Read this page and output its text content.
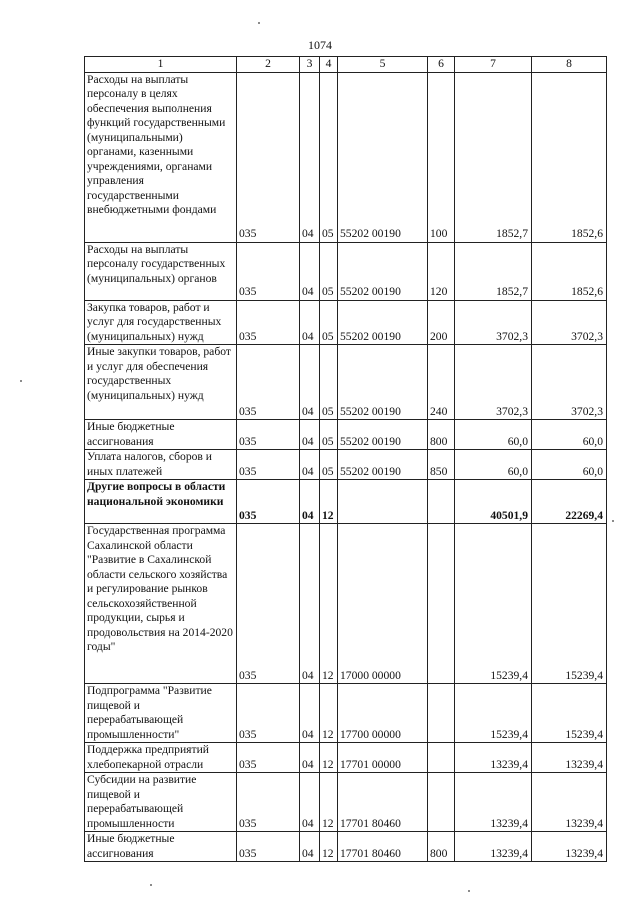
1074
1	2	3	4	5	6	7	8
Расходы на выплаты персоналу в целях обеспечения выполнения функций государственными (муниципальными) органами, казенными учреждениями, органами управления государственными внебюджетными фондами	035	04	05	55202 00190	100	1852,7	1852,6
Расходы на выплаты персоналу государственных (муниципальных) органов	035	04	05	55202 00190	120	1852,7	1852,6
Закупка товаров, работ и услуг для государственных (муниципальных) нужд	035	04	05	55202 00190	200	3702,3	3702,3
Иные закупки товаров, работ и услуг для обеспечения государственных (муниципальных) нужд	035	04	05	55202 00190	240	3702,3	3702,3
Иные бюджетные ассигнования	035	04	05	55202 00190	800	60,0	60,0
Уплата налогов, сборов и иных платежей	035	04	05	55202 00190	850	60,0	60,0
Другие вопросы в области национальной экономики	035	04	12			40501,9	22269,4
Государственная программа Сахалинской области "Развитие в Сахалинской области сельского хозяйства и регулирование рынков сельскохозяйственной продукции, сырья и продовольствия на 2014-2020 годы"	035	04	12	17000 00000		15239,4	15239,4
Подпрограмма "Развитие пищевой и перерабатывающей промышленности"	035	04	12	17700 00000		15239,4	15239,4
Поддержка предприятий хлебопекарной отрасли	035	04	12	17701 00000		13239,4	13239,4
Субсидии на развитие пищевой и перерабатывающей промышленности	035	04	12	17701 80460		13239,4	13239,4
Иные бюджетные ассигнования	035	04	12	17701 80460	800	13239,4	13239,4
